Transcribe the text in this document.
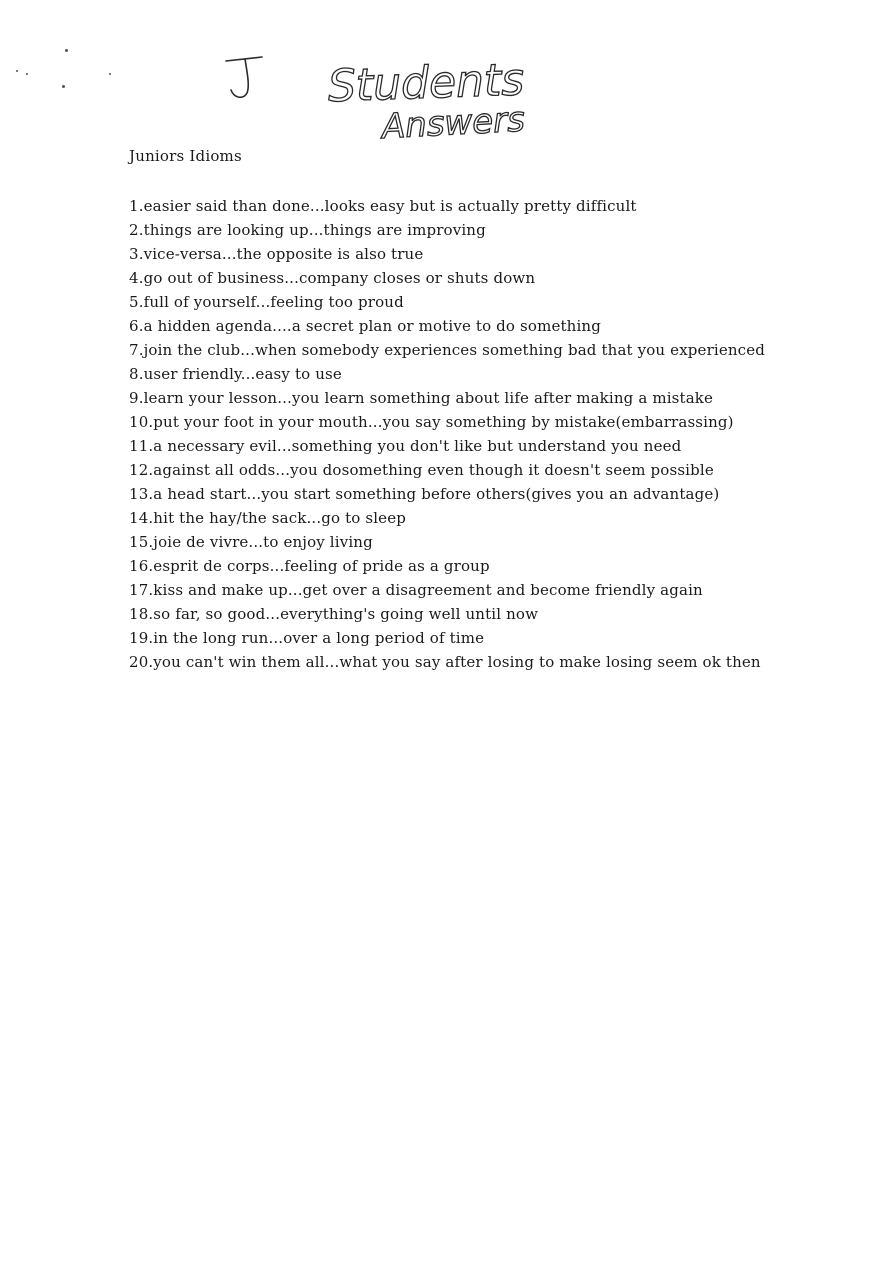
Students
Answers
Juniors Idioms
1.easier said than done...looks easy but is actually pretty difficult
2.things are looking up...things are improving
3.vice-versa...the opposite is also true
4.go out of business...company closes or shuts down
5.full of yourself...feeling too proud
6.a hidden agenda....a secret plan or motive to do something
7.join the club...when somebody experiences something bad that you experienced
8.user friendly...easy to use
9.learn your lesson...you learn something about life after making a mistake
10.put your foot in your mouth...you say something by mistake(embarrassing)
11.a necessary evil...something you don't like but understand you need
12.against all odds...you dosomething even though it doesn't seem possible
13.a head start...you start something before others(gives you an advantage)
14.hit the hay/the sack...go to sleep
15.joie de vivre...to enjoy living
16.esprit de corps...feeling of pride as a group
17.kiss and make up...get over a disagreement and become friendly again
18.so far, so good...everything's going well until now
19.in the long run...over a long period of time
20.you can't win them all...what you say after losing to make losing seem ok then
